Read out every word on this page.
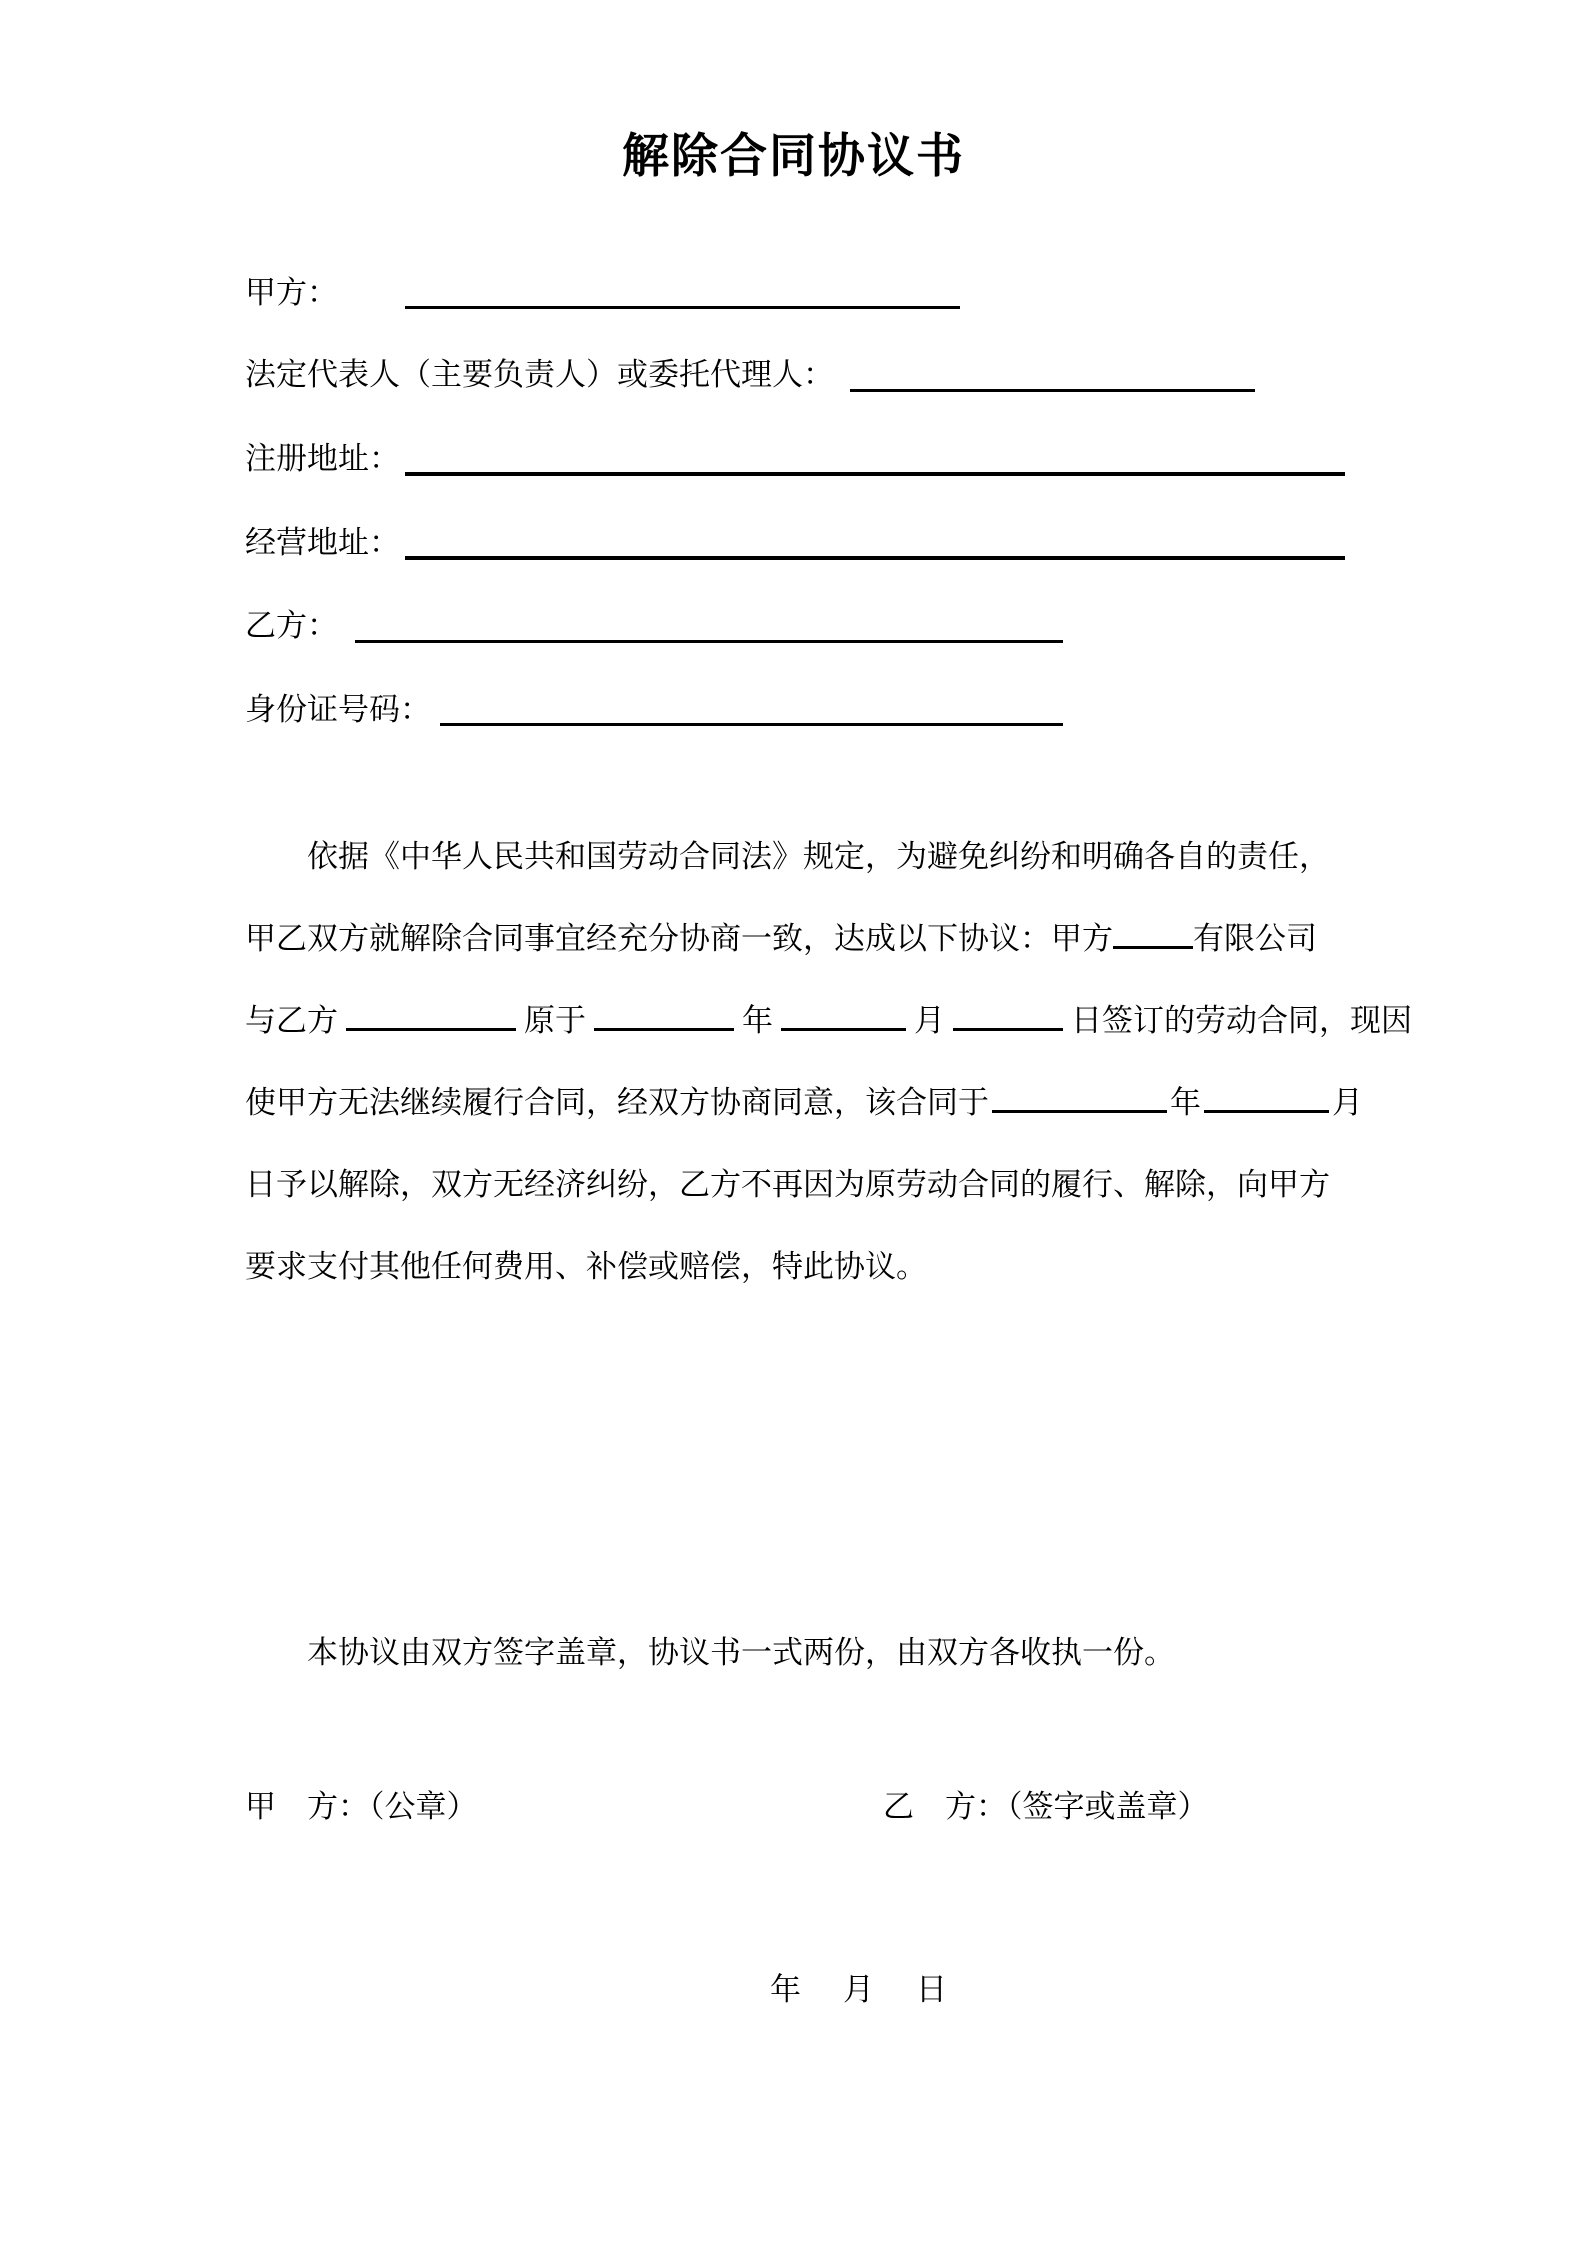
解除合同协议书
甲方：
法定代表人（主要负责人）或委托代理人：
注册地址：
经营地址：
乙方：
身份证号码：
依据《中华人民共和国劳动合同法》规定，为避免纠纷和明确各自的责任，
甲乙双方就解除合同事宜经充分协商一致，达成以下协议：甲方	有限公司
与乙方	原于	年	月	日签订的劳动合同，现因
使甲方无法继续履行合同，经双方协商同意，该合同于	年	月
日予以解除，双方无经济纠纷，乙方不再因为原劳动合同的履行、解除，向甲方
要求支付其他任何费用、补偿或赔偿，特此协议。
本协议由双方签字盖章，协议书一式两份，由双方各收执一份。
甲　方：（公章）	乙　方：（签字或盖章）
年 月 日
